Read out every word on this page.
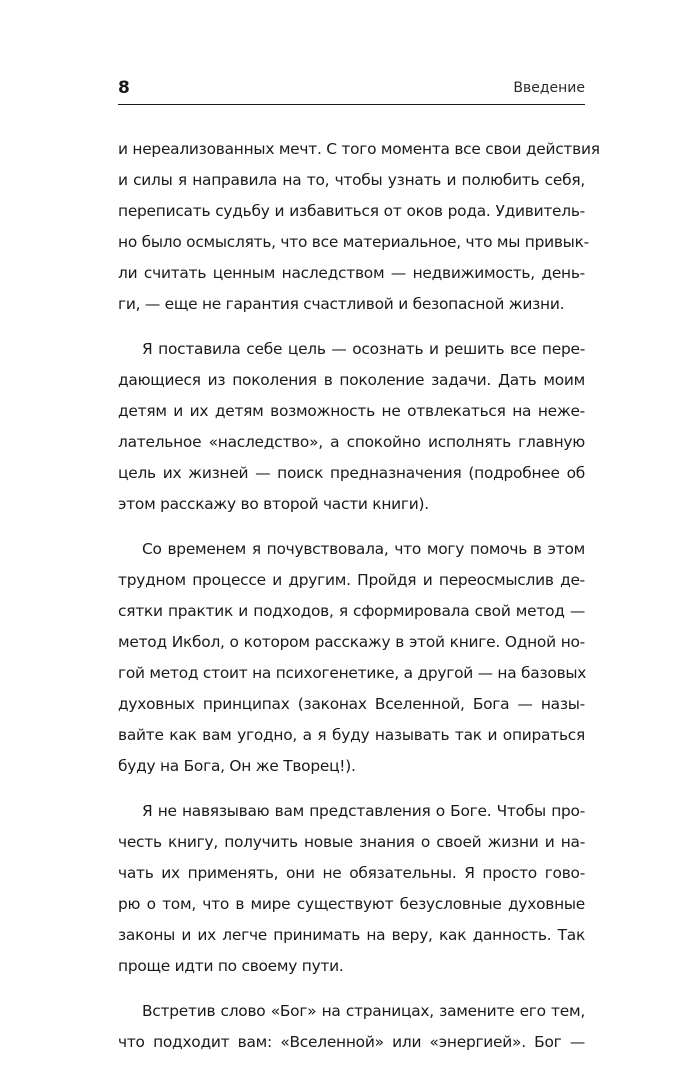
8	Введение
и нереализованных мечт. С того момента все свои действия
и силы я направила на то, чтобы узнать и полюбить себя,
переписать судьбу и избавиться от оков рода. Удивитель-
но было осмыслять, что все материальное, что мы привык-
ли считать ценным наследством — недвижимость, день-
ги, — еще не гарантия счастливой и безопасной жизни.
Я поставила себе цель — осознать и решить все пере-
дающиеся из поколения в поколение задачи. Дать моим
детям и их детям возможность не отвлекаться на нежe-
лательное «наследство», а спокойно исполнять главную
цель их жизней — поиск предназначения (подробнее об
этом расскажу во второй части книги).
Со временем я почувствовала, что могу помочь в этом
трудном процессе и другим. Пройдя и переосмыслив де-
сятки практик и подходов, я сформировала свой метод —
метод Икбол, о котором расскажу в этой книге. Одной но-
гой метод стоит на психогенетике, а другой — на базовых
духовных принципах (законах Вселенной, Бога — назы-
вайте как вам угодно, а я буду называть так и опираться
буду на Бога, Он же Творец!).
Я не навязываю вам представления о Боге. Чтобы про-
честь книгу, получить новые знания о своей жизни и на-
чать их применять, они не обязательны. Я просто гово-
рю о том, что в мире существуют безусловные духовные
законы и их легче принимать на веру, как данность. Так
проще идти по своему пути.
Встретив слово «Бог» на страницах, замените его тем,
что подходит вам: «Вселенной» или «энергией». Бог —
